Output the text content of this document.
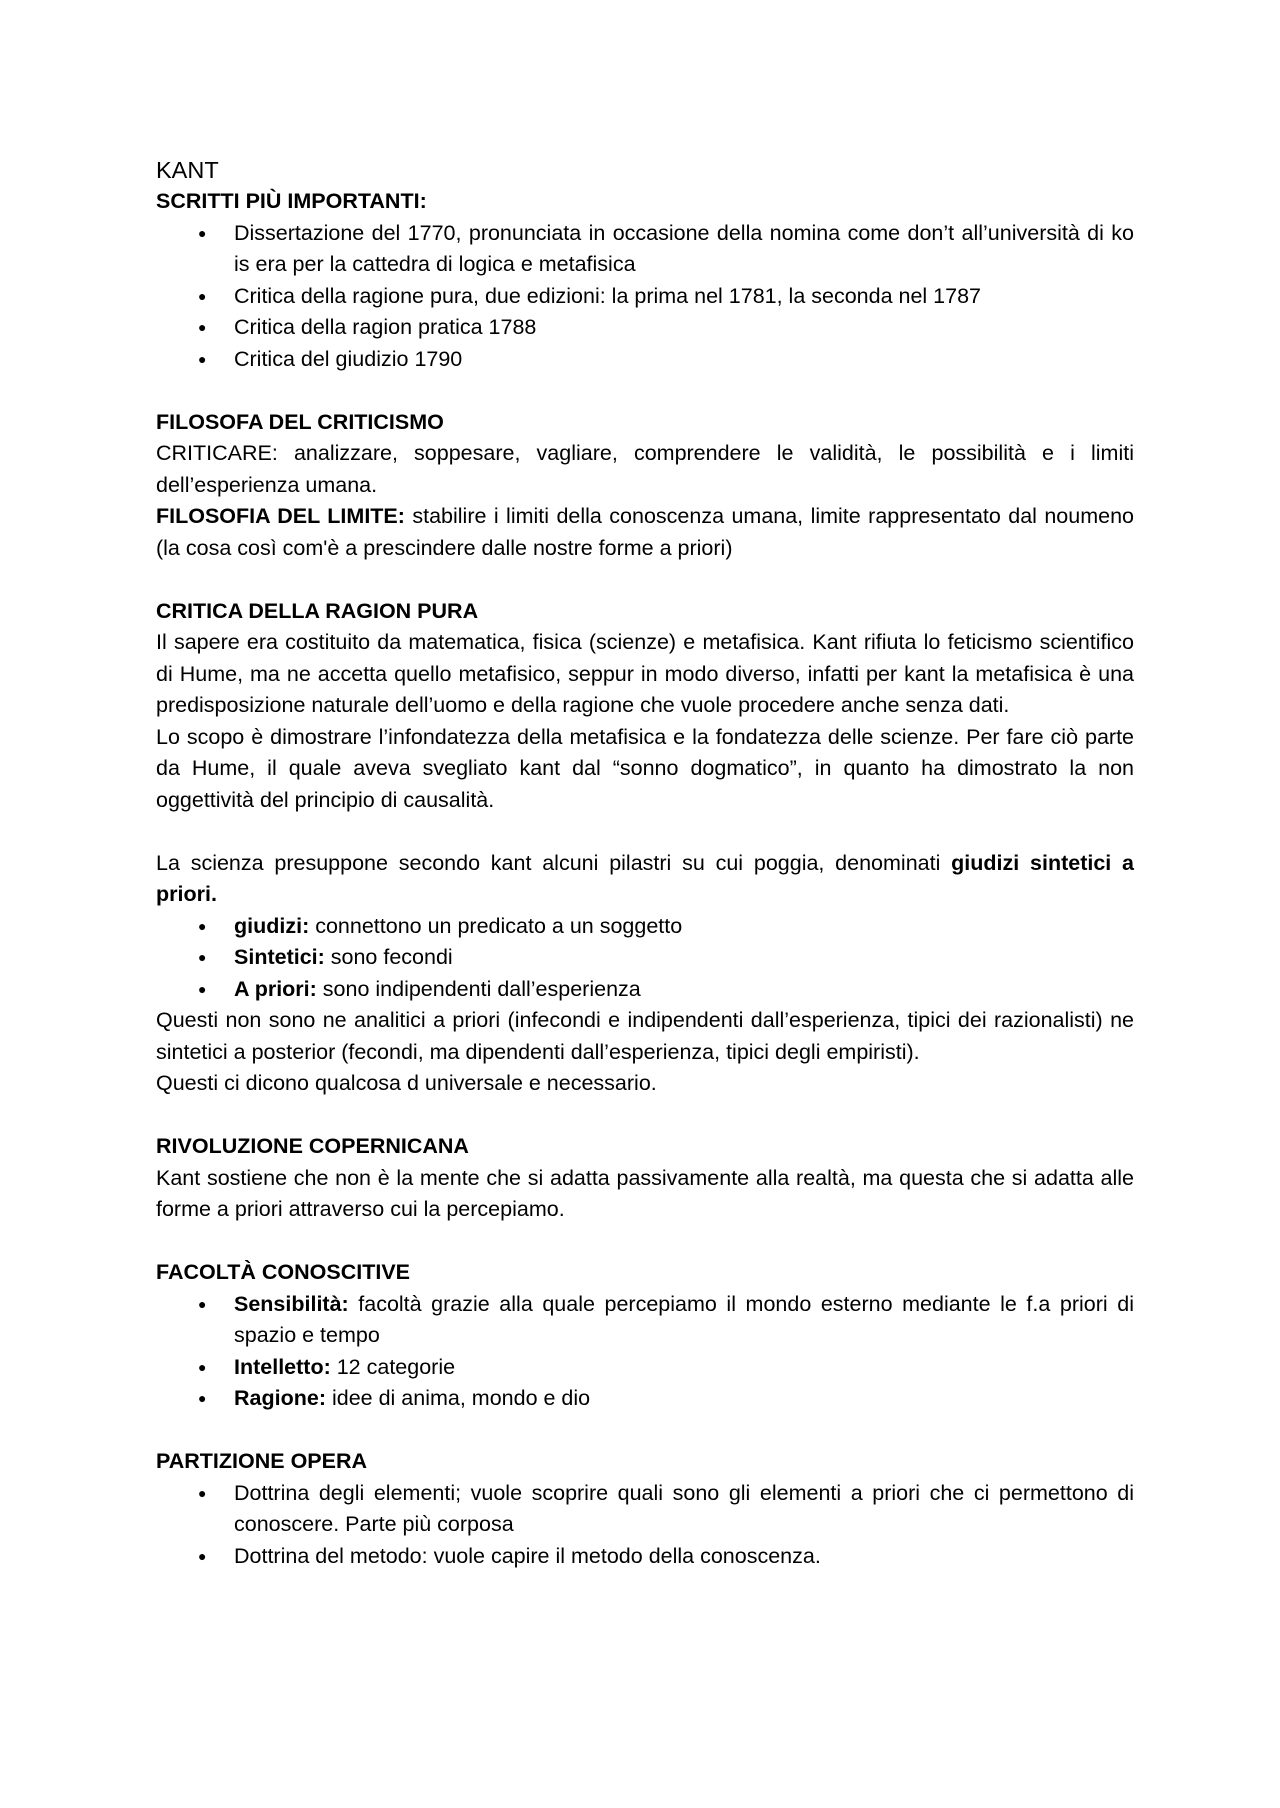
KANT
SCRITTI PIÙ IMPORTANTI:
● Dissertazione del 1770, pronunciata in occasione della nomina come don’t all’università di ko is era per la cattedra di logica e metafisica
● Critica della ragione pura, due edizioni: la prima nel 1781, la seconda nel 1787
● Critica della ragion pratica 1788
● Critica del giudizio 1790
FILOSOFA DEL CRITICISMO

CRITICARE: analizzare, soppesare, vagliare, comprendere le validità, le possibilità e i limiti dell’esperienza umana.

FILOSOFIA DEL LIMITE: stabilire i limiti della conoscenza umana, limite rappresentato dal noumeno (la cosa così com'è a prescindere dalle nostre forme a priori)

CRITICA DELLA RAGION PURA

Il sapere era costituito da matematica, fisica (scienze) e metafisica. Kant rifiuta lo feticismo scientifico di Hume, ma ne accetta quello metafisico, seppur in modo diverso, infatti per kant la metafisica è una predisposizione naturale dell’uomo e della ragione che vuole procedere anche senza dati.

Lo scopo è dimostrare l’infondatezza della metafisica e la fondatezza delle scienze. Per fare ciò parte da Hume, il quale aveva svegliato kant dal “sonno dogmatico”, in quanto ha dimostrato la non oggettività del principio di causalità.

La scienza presuppone secondo kant alcuni pilastri su cui poggia, denominati giudizi sintetici a priori.

● giudizi: connettono un predicato a un soggetto
● Sintetici: sono fecondi
● A priori: sono indipendenti dall’esperienza

Questi non sono ne analitici a priori (infecondi e indipendenti dall’esperienza, tipici dei razionalisti) ne sintetici a posterior (fecondi, ma dipendenti dall’esperienza, tipici degli empiristi).

Questi ci dicono qualcosa d universale e necessario.

RIVOLUZIONE COPERNICANA

Kant sostiene che non è la mente che si adatta passivamente alla realtà, ma questa che si adatta alle forme a priori attraverso cui la percepiamo.

FACOLTÀ CONOSCITIVE
● Sensibilità: facoltà grazie alla quale percepiamo il mondo esterno mediante le f.a priori di spazio e tempo
● Intelletto: 12 categorie
● Ragione: idee di anima, mondo e dio
PARTIZIONE OPERA
● Dottrina degli elementi; vuole scoprire quali sono gli elementi a priori che ci permettono di conoscere. Parte più corposa
● Dottrina del metodo: vuole capire il metodo della conoscenza.
